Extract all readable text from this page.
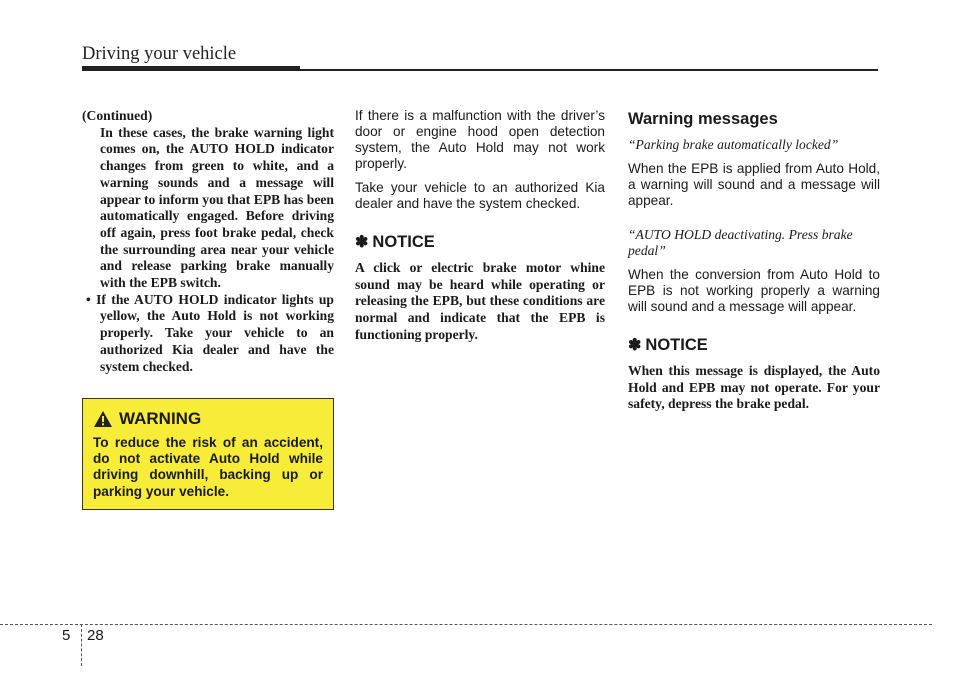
Driving your vehicle

(Continued)

In these cases, the brake warning light comes on, the AUTO HOLD indicator changes from green to white, and a warning sounds and a message will appear to inform you that EPB has been automatically engaged. Before driving off again, press foot brake pedal, check the surrounding area near your vehicle and release parking brake manually with the EPB switch.

• If the AUTO HOLD indicator lights up yellow, the Auto Hold is not working properly. Take your vehicle to an authorized Kia dealer and have the system checked.

WARNING

To reduce the risk of an accident, do not activate Auto Hold while driving downhill, backing up or parking your vehicle.

If there is a malfunction with the driver’s door or engine hood open detection system, the Auto Hold may not work properly.

Take your vehicle to an authorized Kia dealer and have the system checked.

✽ NOTICE

A click or electric brake motor whine sound may be heard while operating or releasing the EPB, but these conditions are normal and indicate that the EPB is functioning properly.

Warning messages

“Parking brake automatically locked”

When the EPB is applied from Auto Hold, a warning will sound and a message will appear.

“AUTO HOLD deactivating. Press brake pedal”

When the conversion from Auto Hold to EPB is not working properly a warning will sound and a message will appear.

✽ NOTICE

When this message is displayed, the Auto Hold and EPB may not operate. For your safety, depress the brake pedal.

5 28
